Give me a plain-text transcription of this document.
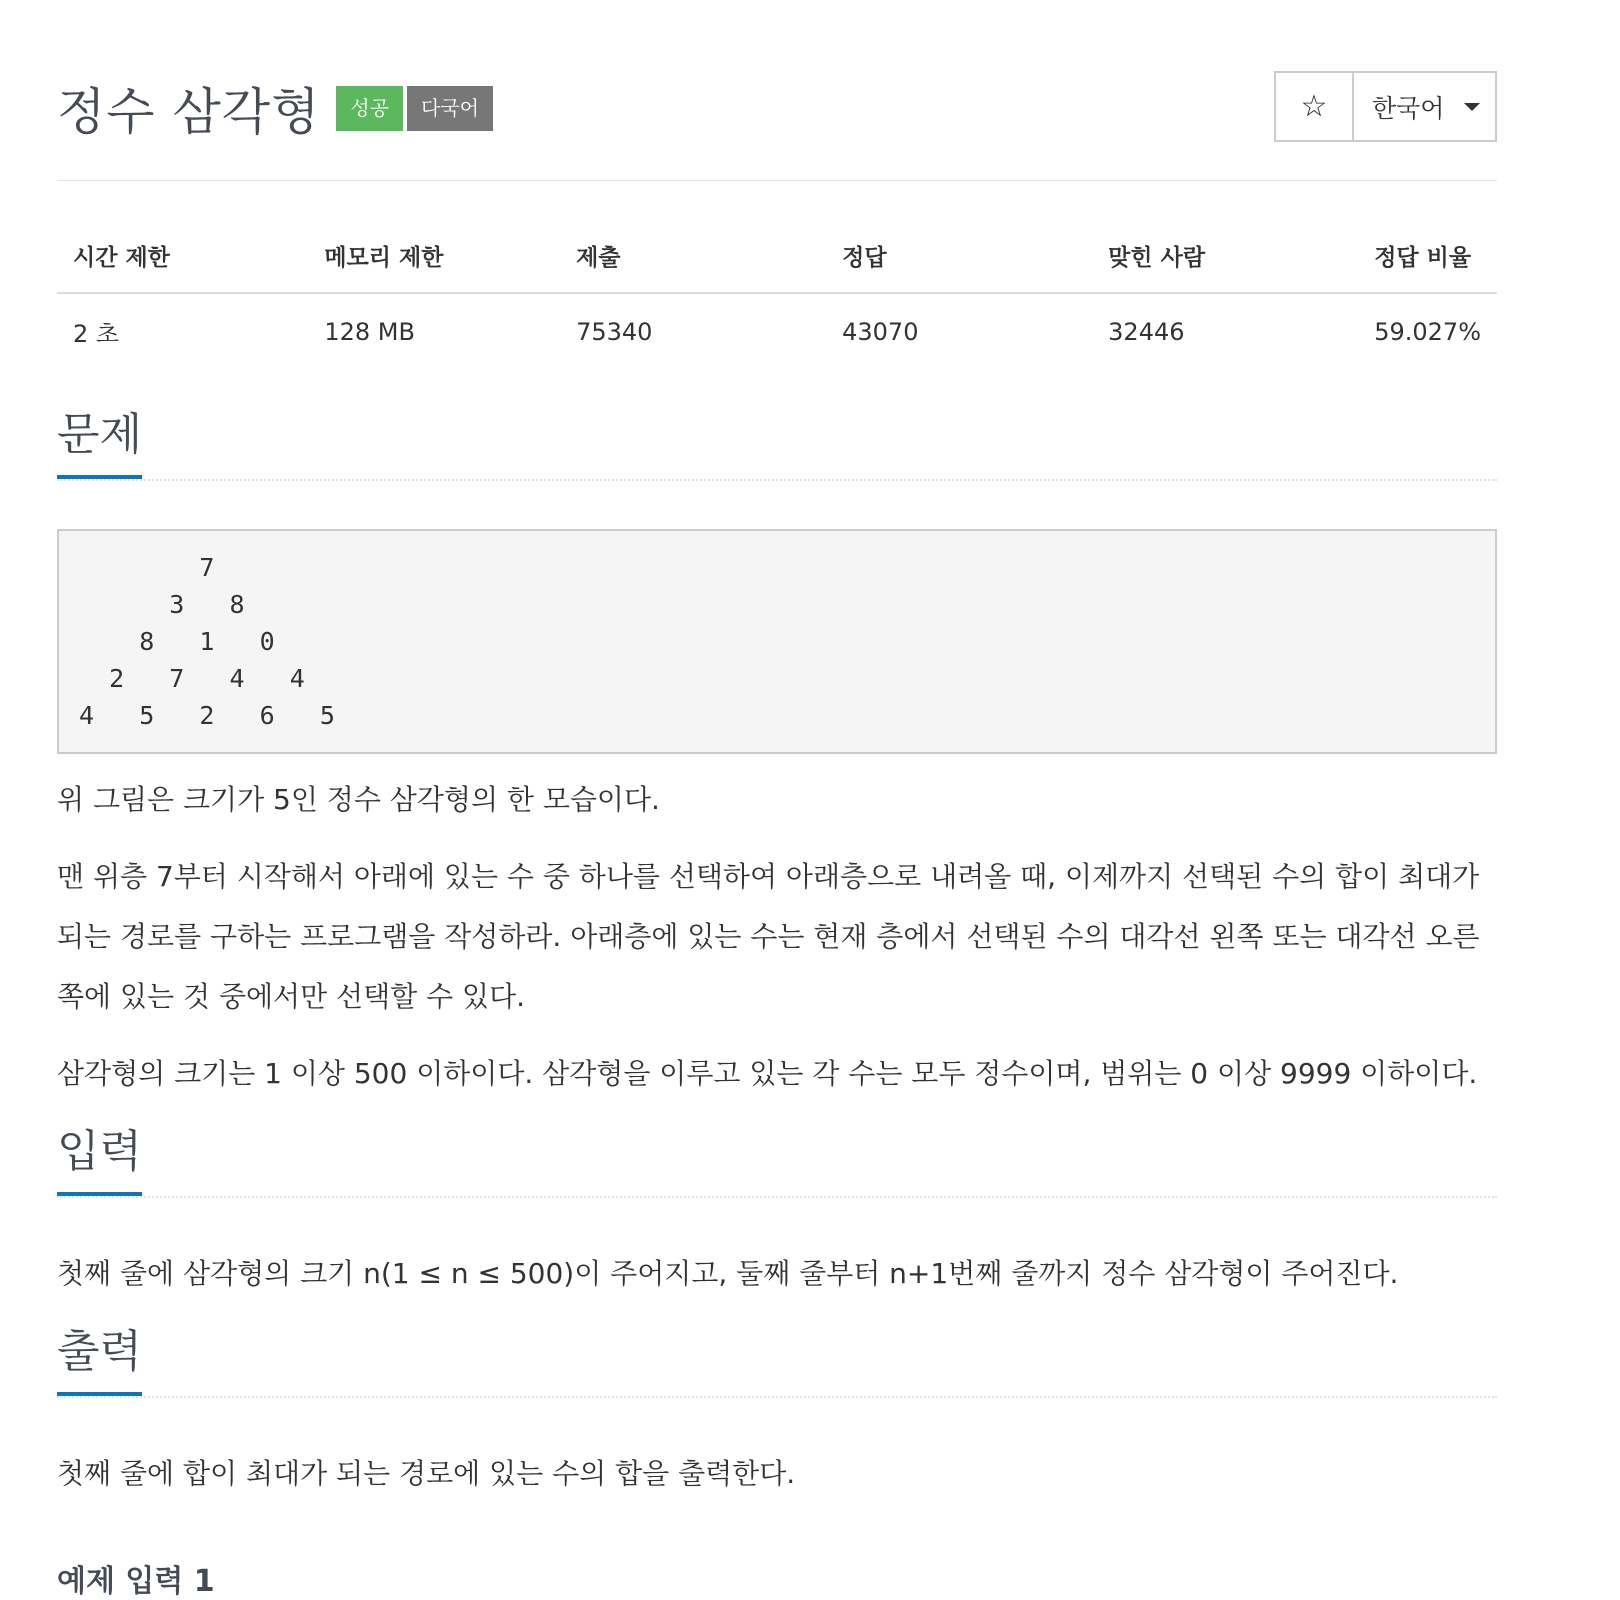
정수 삼각형	성공	다국어	☆ 한국어
시간 제한	메모리 제한	제출	정답	맞힌 사람	정답 비율
2 초	128 MB	75340	43070	32446	59.027%
문제
7
3   8
8   1   0
2   7   4   4
4   5   2   6   5

위 그림은 크기가 5인 정수 삼각형의 한 모습이다.

맨 위층 7부터 시작해서 아래에 있는 수 중 하나를 선택하여 아래층으로 내려올 때, 이제까지 선택된 수의 합이 최대가 되는 경로를 구하는 프로그램을 작성하라. 아래층에 있는 수는 현재 층에서 선택된 수의 대각선 왼쪽 또는 대각선 오른쪽에 있는 것 중에서만 선택할 수 있다.

삼각형의 크기는 1 이상 500 이하이다. 삼각형을 이루고 있는 각 수는 모두 정수이며, 범위는 0 이상 9999 이하이다.

입력

첫째 줄에 삼각형의 크기 n(1 ≤ n ≤ 500)이 주어지고, 둘째 줄부터 n+1번째 줄까지 정수 삼각형이 주어진다.

출력

첫째 줄에 합이 최대가 되는 경로에 있는 수의 합을 출력한다.

예제 입력 1
